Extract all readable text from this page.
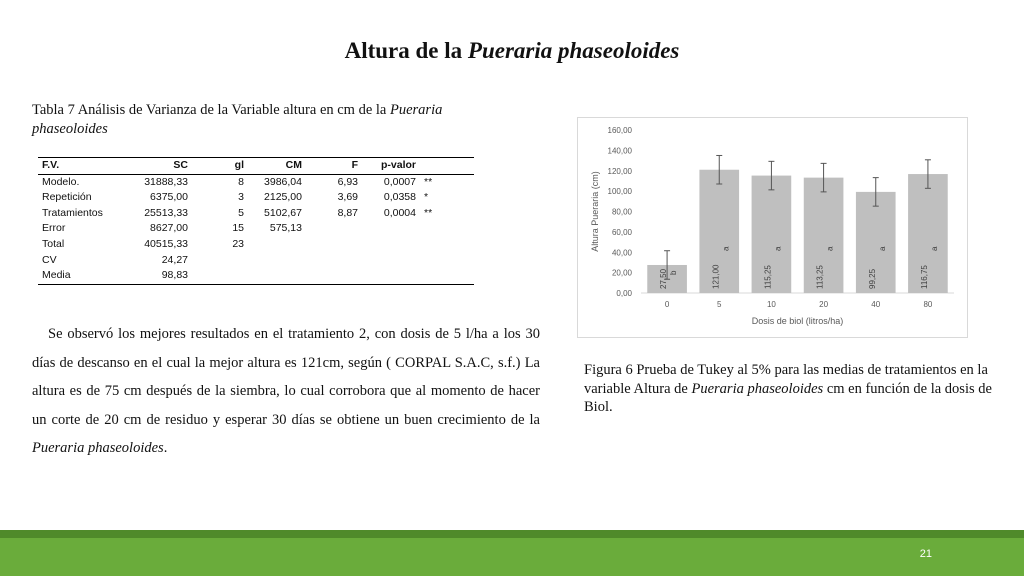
Altura de la Pueraria phaseoloides
Tabla 7 Análisis de Varianza de la Variable altura en cm de la Pueraria phaseoloides
F.V.	SC	gl	CM	F	p-valor	
Modelo.	31888,33	8	3986,04	6,93	0,0007	**
Repetición	6375,00	3	2125,00	3,69	0,0358	*
Tratamientos	25513,33	5	5102,67	8,87	0,0004	**
Error	8627,00	15	575,13			
Total	40515,33	23				
CV	24,27					
Media	98,83					
Se observó los mejores resultados en el tratamiento 2, con dosis de 5 l/ha a los 30 días de descanso en el cual la mejor altura es 121cm, según ( CORPAL S.A.C, s.f.) La altura es de 75 cm después de la siembra, lo cual corrobora que al momento de hacer un corte de 20 cm de residuo y esperar 30 días se obtiene un buen crecimiento de la Pueraria phaseoloides.
0,00
20,00
40,00
60,00
80,00
100,00
120,00
140,00
160,00
27,50 b
0
121,00
a
5
115,25
a
10
113,25
a
20
99,25
a
40
116,75
a
80
Dosis de biol (litros/ha)
Altura Pueraria (cm)
Figura 6 Prueba de Tukey al 5% para las medias de tratamientos en la variable Altura de Pueraria phaseoloides cm en función de la dosis de Biol.
21
